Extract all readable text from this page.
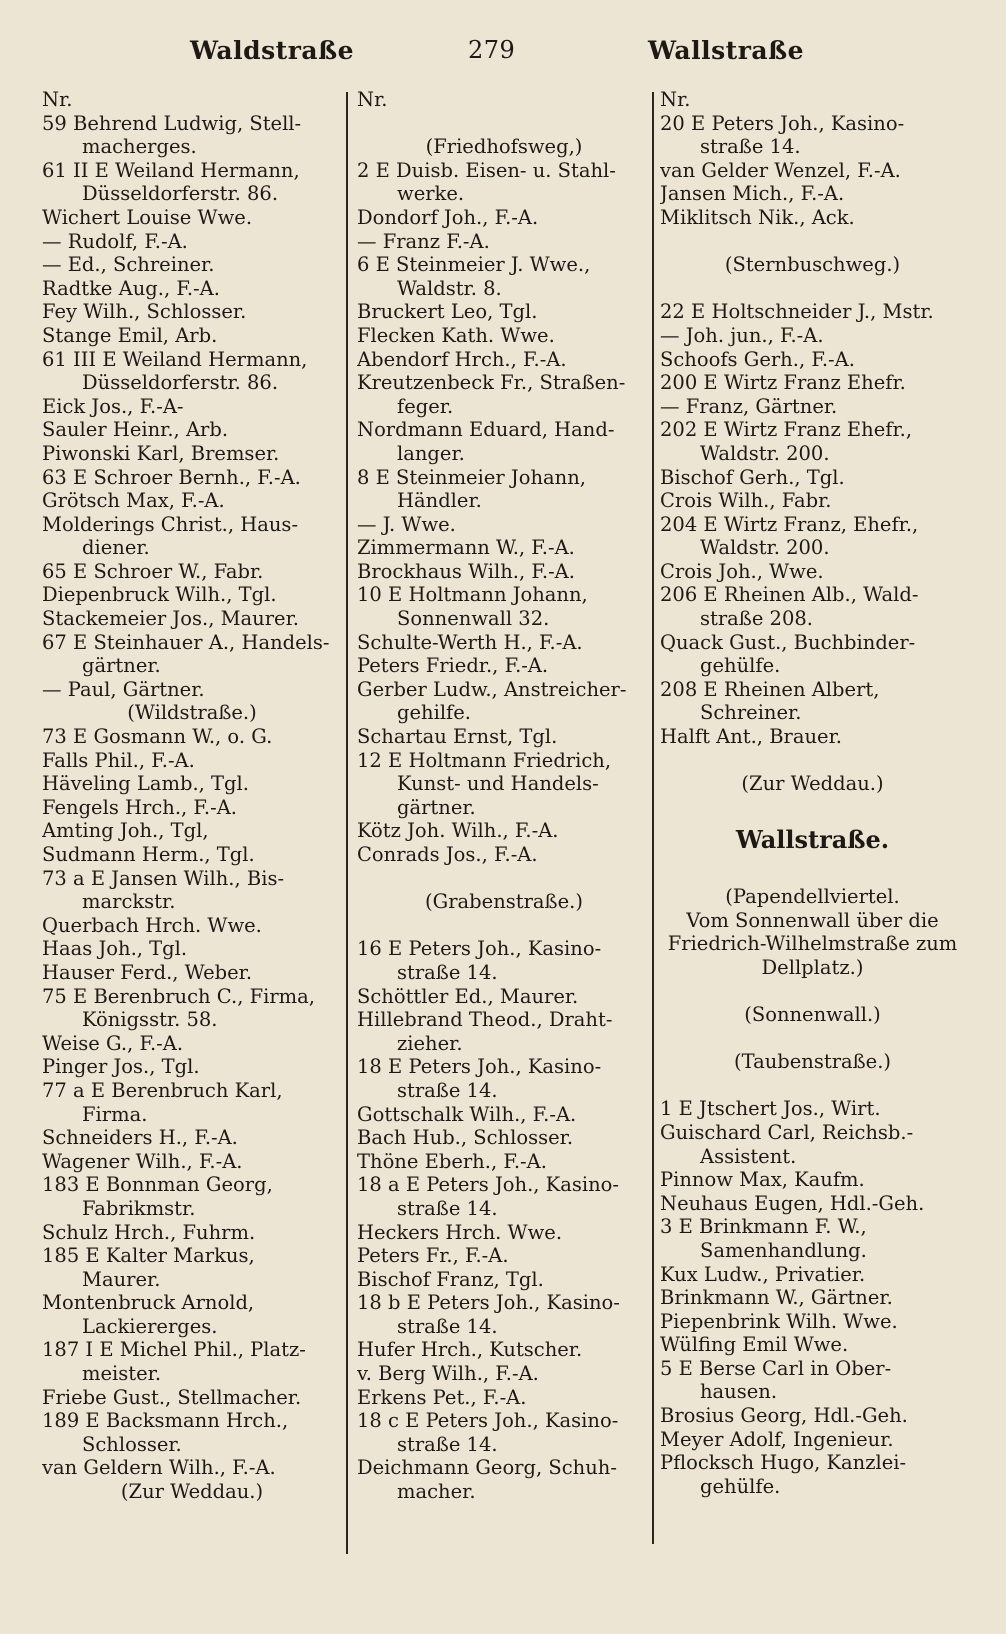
Waldstraße	279	Wallstraße
Nr.
59 Behrend Ludwig, Stell-
macherges.
61 II E Weiland Hermann,
Düsseldorferstr. 86.
Wichert Louise Wwe.
— Rudolf, F.-A.
— Ed., Schreiner.
Radtke Aug., F.-A.
Fey Wilh., Schlosser.
Stange Emil, Arb.
61 III E Weiland Hermann,
Düsseldorferstr. 86.
Eick Jos., F.-A-
Sauler Heinr., Arb.
Piwonski Karl, Bremser.
63 E Schroer Bernh., F.-A.
Grötsch Max, F.-A.
Molderings Christ., Haus-
diener.
65 E Schroer W., Fabr.
Diepenbruck Wilh., Tgl.
Stackemeier Jos., Maurer.
67 E Steinhauer A., Handels-
gärtner.
— Paul, Gärtner.
(Wildstraße.)
73 E Gosmann W., o. G.
Falls Phil., F.-A.
Häveling Lamb., Tgl.
Fengels Hrch., F.-A.
Amting Joh., Tgl,
Sudmann Herm., Tgl.
73 a E Jansen Wilh., Bis-
marckstr.
Querbach Hrch. Wwe.
Haas Joh., Tgl.
Hauser Ferd., Weber.
75 E Berenbruch C., Firma,
Königsstr. 58.
Weise G., F.-A.
Pinger Jos., Tgl.
77 a E Berenbruch Karl,
Firma.
Schneiders H., F.-A.
Wagener Wilh., F.-A.
183 E Bonnman Georg,
Fabrikmstr.
Schulz Hrch., Fuhrm.
185 E Kalter Markus,
Maurer.
Montenbruck Arnold,
Lackiererges.
187 I E Michel Phil., Platz-
meister.
Friebe Gust., Stellmacher.
189 E Backsmann Hrch.,
Schlosser.
van Geldern Wilh., F.-A.
(Zur Weddau.)
Nr.
(Friedhofsweg,)
2 E Duisb. Eisen- u. Stahl-
werke.
Dondorf Joh., F.-A.
— Franz F.-A.
6 E Steinmeier J. Wwe.,
Waldstr. 8.
Bruckert Leo, Tgl.
Flecken Kath. Wwe.
Abendorf Hrch., F.-A.
Kreutzenbeck Fr., Straßen-
feger.
Nordmann Eduard, Hand-
langer.
8 E Steinmeier Johann,
Händler.
— J. Wwe.
Zimmermann W., F.-A.
Brockhaus Wilh., F.-A.
10 E Holtmann Johann,
Sonnenwall 32.
Schulte-Werth H., F.-A.
Peters Friedr., F.-A.
Gerber Ludw., Anstreicher-
gehilfe.
Schartau Ernst, Tgl.
12 E Holtmann Friedrich,
Kunst- und Handels-
gärtner.
Kötz Joh. Wilh., F.-A.
Conrads Jos., F.-A.
(Grabenstraße.)
16 E Peters Joh., Kasino-
straße 14.
Schöttler Ed., Maurer.
Hillebrand Theod., Draht-
zieher.
18 E Peters Joh., Kasino-
straße 14.
Gottschalk Wilh., F.-A.
Bach Hub., Schlosser.
Thöne Eberh., F.-A.
18 a E Peters Joh., Kasino-
straße 14.
Heckers Hrch. Wwe.
Peters Fr., F.-A.
Bischof Franz, Tgl.
18 b E Peters Joh., Kasino-
straße 14.
Hufer Hrch., Kutscher.
v. Berg Wilh., F.-A.
Erkens Pet., F.-A.
18 c E Peters Joh., Kasino-
straße 14.
Deichmann Georg, Schuh-
macher.
Nr.
20 E Peters Joh., Kasino-
straße 14.
van Gelder Wenzel, F.-A.
Jansen Mich., F.-A.
Miklitsch Nik., Ack.
(Sternbuschweg.)
22 E Holtschneider J., Mstr.
— Joh. jun., F.-A.
Schoofs Gerh., F.-A.
200 E Wirtz Franz Ehefr.
— Franz, Gärtner.
202 E Wirtz Franz Ehefr.,
Waldstr. 200.
Bischof Gerh., Tgl.
Crois Wilh., Fabr.
204 E Wirtz Franz, Ehefr.,
Waldstr. 200.
Crois Joh., Wwe.
206 E Rheinen Alb., Wald-
straße 208.
Quack Gust., Buchbinder-
gehülfe.
208 E Rheinen Albert,
Schreiner.
Halft Ant., Brauer.
(Zur Weddau.)
Wallstraße.
(Papendellviertel.
Vom Sonnenwall über die
Friedrich-Wilhelmstraße zum
Dellplatz.)
(Sonnenwall.)
(Taubenstraße.)
1 E Jtschert Jos., Wirt.
Guischard Carl, Reichsb.-
Assistent.
Pinnow Max, Kaufm.
Neuhaus Eugen, Hdl.-Geh.
3 E Brinkmann F. W.,
Samenhandlung.
Kux Ludw., Privatier.
Brinkmann W., Gärtner.
Piepenbrink Wilh. Wwe.
Wülfing Emil Wwe.
5 E Berse Carl in Ober-
hausen.
Brosius Georg, Hdl.-Geh.
Meyer Adolf, Ingenieur.
Pflocksch Hugo, Kanzlei-
gehülfe.
